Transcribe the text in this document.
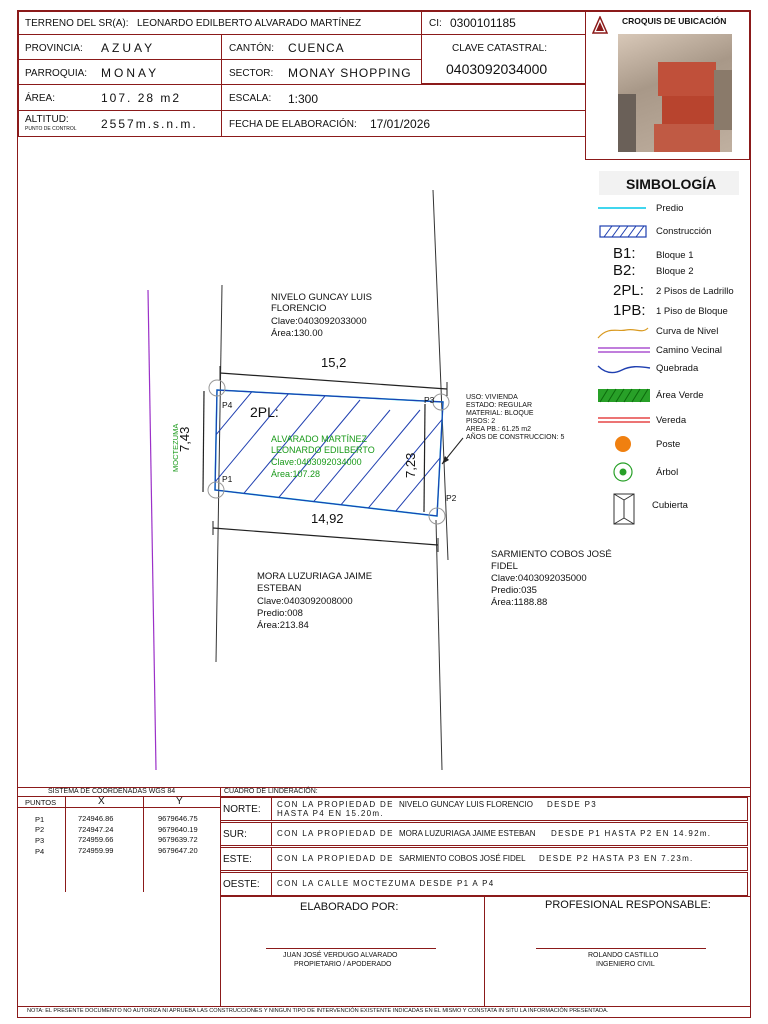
TERRENO DEL SR(A): LEONARDO EDILBERTO ALVARADO MARTÍNEZ	CI: 0300101185
PROVINCIA: AZUAY	CANTÓN: CUENCA	CLAVE CATASTRAL:
0403092034000
PARROQUIA: MONAY	SECTOR: MONAY SHOPPING
ÁREA:	107. 28 m2	ESCALA: 1:300
ALTITUD:
PUNTO DE CONTROL 2557m.s.n.m.	FECHA DE ELABORACIÓN: 17/01/2026
CROQUIS DE UBICACIÓN
SIMBOLOGÍA
Predio
Construcción
B1: Bloque 1
B2: Bloque 2
2PL: 2 Pisos de Ladrillo
1PB: 1 Piso de Bloque
Curva de Nivel
Camino Vecinal
Quebrada
Área Verde
Vereda
Poste
Árbol
Cubierta
MOCTEZUMA
NIVELO GUNCAY LUIS
FLORENCIO
Clave:0403092033000
Área:130.00
15,2
7,43
7,23
14,92
P4
P1
P3
P2
2PL:
ALVARADO MARTÍNEZ
LEONARDO EDILBERTO
Clave:0403092034000
Área:107.28
USO: VIVIENDA
ESTADO: REGULAR
MATERIAL: BLOQUE
PISOS: 2
AREA PB.: 61.25 m2
AÑOS DE CONSTRUCCION: 5
SARMIENTO COBOS JOSÉ
FIDEL
Clave:0403092035000
Predio:035
Área:1188.88
MORA LUZURIAGA JAIME
ESTEBAN
Clave:0403092008000
Predio:008
Área:213.84
SISTEMA DE COORDENADAS WGS 84
PUNTOS	X	Y
P1	724946.86	9679646.75
P2	724947.24	9679640.19
P3	724959.66	9679639.72
P4	724959.99	9679647.20
CUADRO DE LINDERACIÓN:
NORTE:	CON LA PROPIEDAD DE NIVELO GUNCAY LUIS FLORENCIO DESDE P3
HASTA P4 EN 15.20m.
SUR:	CON LA PROPIEDAD DE MORA LUZURIAGA JAIME ESTEBAN DESDE P1 HASTA P2 EN 14.92m.
ESTE:	CON LA PROPIEDAD DE SARMIENTO COBOS JOSÉ FIDEL DESDE P2 HASTA P3 EN 7.23m.
OESTE:	CON LA CALLE MOCTEZUMA DESDE P1 A P4
ELABORADO POR:
JUAN JOSÉ VERDUGO ALVARADO
PROPIETARIO / APODERADO
PROFESIONAL RESPONSABLE:
ROLANDO CASTILLO
INGENIERO CIVIL
NOTA: EL PRESENTE DOCUMENTO NO AUTORIZA NI APRUEBA LAS CONSTRUCCIONES Y NINGUN TIPO DE INTERVENCIÓN EXISTENTE INDICADAS EN EL MISMO Y CONSTATA IN SITU LA INFORMACIÓN PRESENTADA.
